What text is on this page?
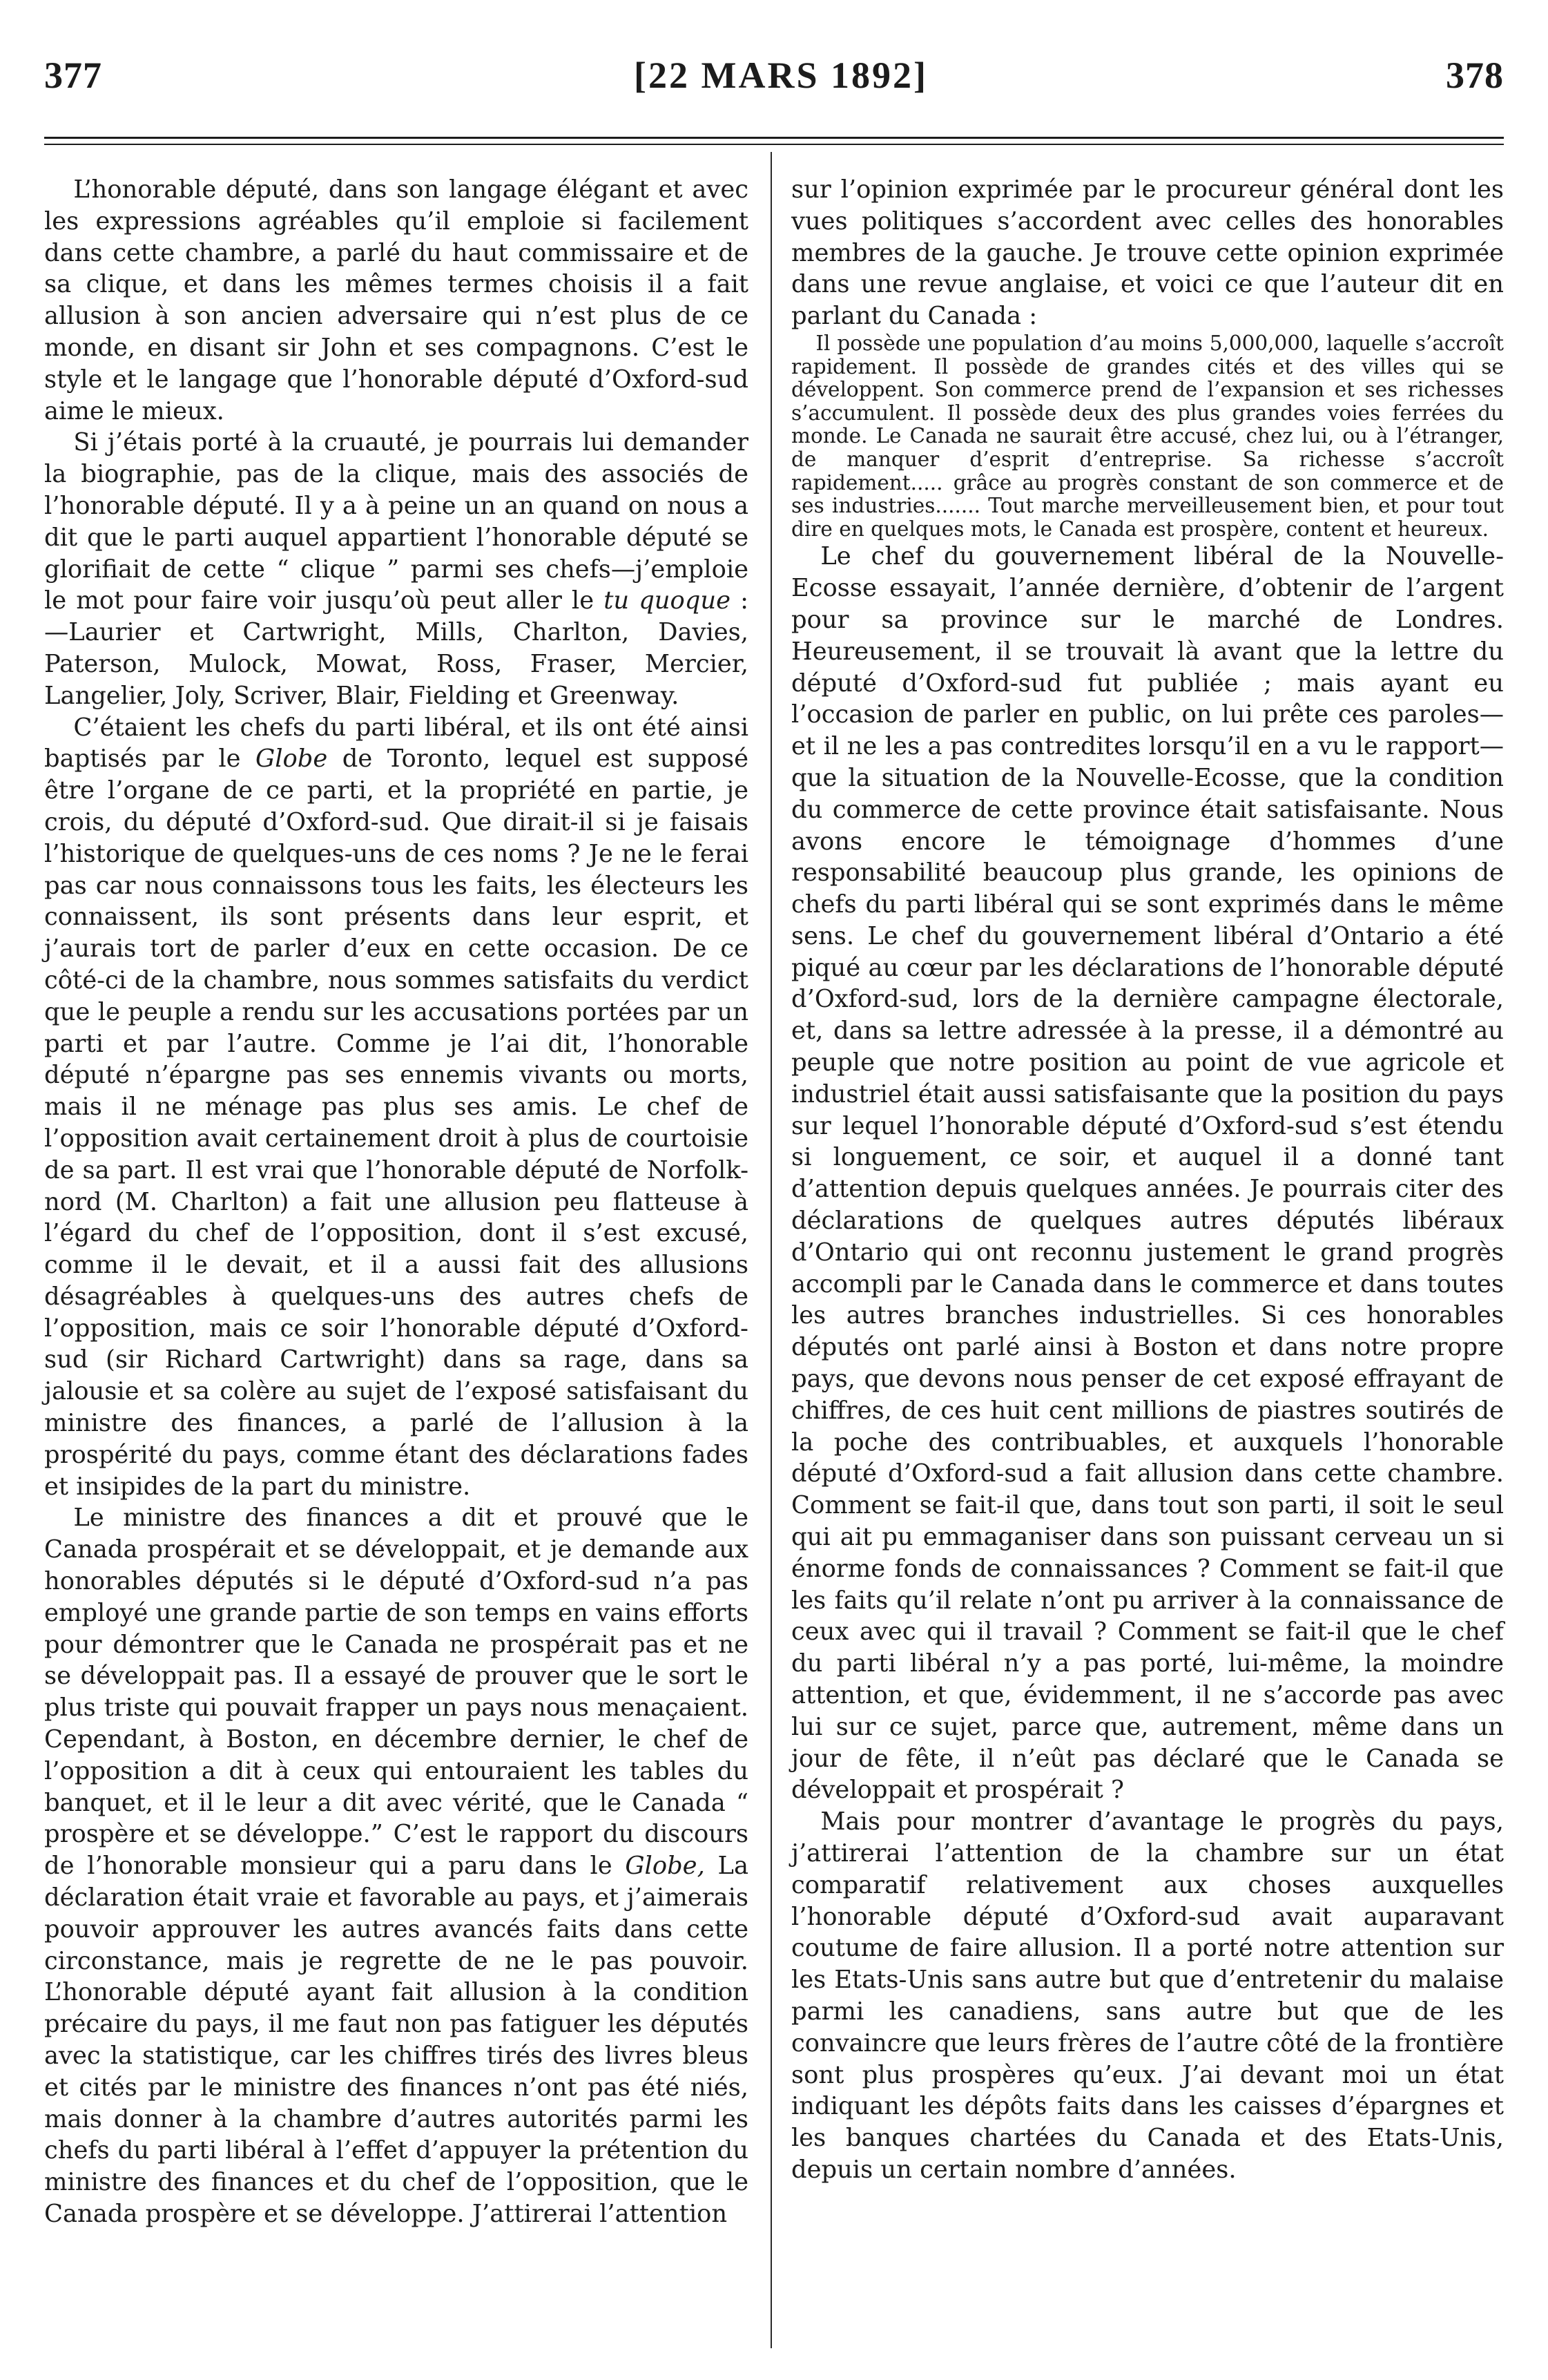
377	[22 MARS 1892]	378

L’honorable député, dans son langage élégant et avec les expressions agréables qu’il emploie si facilement dans cette chambre, a parlé du haut commissaire et de sa clique, et dans les mêmes termes choisis il a fait allusion à son ancien adversaire qui n’est plus de ce monde, en disant sir John et ses compagnons. C’est le style et le langage que l’honorable député d’Oxford-sud aime le mieux.

Si j’étais porté à la cruauté, je pourrais lui demander la biographie, pas de la clique, mais des associés de l’honorable député. Il y a à peine un an quand on nous a dit que le parti auquel appartient l’honorable député se glorifiait de cette “ clique ” parmi ses chefs—j’emploie le mot pour faire voir jusqu’où peut aller le tu quoque :—Laurier et Cartwright, Mills, Charlton, Davies, Paterson, Mulock, Mowat, Ross, Fraser, Mercier, Langelier, Joly, Scriver, Blair, Fielding et Greenway.

C’étaient les chefs du parti libéral, et ils ont été ainsi baptisés par le Globe de Toronto, lequel est supposé être l’organe de ce parti, et la propriété en partie, je crois, du député d’Oxford-sud. Que dirait-il si je faisais l’historique de quelques-uns de ces noms ? Je ne le ferai pas car nous connaissons tous les faits, les électeurs les connaissent, ils sont présents dans leur esprit, et j’aurais tort de parler d’eux en cette occasion. De ce côté-ci de la chambre, nous sommes satisfaits du verdict que le peuple a rendu sur les accusations portées par un parti et par l’autre. Comme je l’ai dit, l’honorable député n’épargne pas ses ennemis vivants ou morts, mais il ne ménage pas plus ses amis. Le chef de l’opposition avait certainement droit à plus de courtoisie de sa part. Il est vrai que l’honorable député de Norfolk-nord (M. Charlton) a fait une allusion peu flatteuse à l’égard du chef de l’opposition, dont il s’est excusé, comme il le devait, et il a aussi fait des allusions désagréables à quelques-uns des autres chefs de l’opposition, mais ce soir l’honorable député d’Oxford-sud (sir Richard Cartwright) dans sa rage, dans sa jalousie et sa colère au sujet de l’exposé satisfaisant du ministre des finances, a parlé de l’allusion à la prospérité du pays, comme étant des déclarations fades et insipides de la part du ministre.

Le ministre des finances a dit et prouvé que le Canada prospérait et se développait, et je demande aux honorables députés si le député d’Oxford-sud n’a pas employé une grande partie de son temps en vains efforts pour démontrer que le Canada ne prospérait pas et ne se développait pas. Il a essayé de prouver que le sort le plus triste qui pouvait frapper un pays nous menaçaient. Cependant, à Boston, en décembre dernier, le chef de l’opposition a dit à ceux qui entouraient les tables du banquet, et il le leur a dit avec vérité, que le Canada “ prospère et se développe.” C’est le rapport du discours de l’honorable monsieur qui a paru dans le Globe, La déclaration était vraie et favorable au pays, et j’aimerais pouvoir approuver les autres avancés faits dans cette circonstance, mais je regrette de ne le pas pouvoir. L’honorable député ayant fait allusion à la condition précaire du pays, il me faut non pas fatiguer les députés avec la statistique, car les chiffres tirés des livres bleus et cités par le ministre des finances n’ont pas été niés, mais donner à la chambre d’autres autorités parmi les chefs du parti libéral à l’effet d’appuyer la prétention du ministre des finances et du chef de l’opposition, que le Canada prospère et se développe. J’attirerai l’attention

sur l’opinion exprimée par le procureur général dont les vues politiques s’accordent avec celles des honorables membres de la gauche. Je trouve cette opinion exprimée dans une revue anglaise, et voici ce que l’auteur dit en parlant du Canada :

Il possède une population d’au moins 5,000,000, laquelle s’accroît rapidement. Il possède de grandes cités et des villes qui se développent. Son commerce prend de l’expansion et ses richesses s’accumulent. Il possède deux des plus grandes voies ferrées du monde. Le Canada ne saurait être accusé, chez lui, ou à l’étranger, de manquer d’esprit d’entreprise. Sa richesse s’accroît rapidement..... grâce au progrès constant de son commerce et de ses industries....... Tout marche merveilleusement bien, et pour tout dire en quelques mots, le Canada est prospère, content et heureux.

Le chef du gouvernement libéral de la Nouvelle-Ecosse essayait, l’année dernière, d’obtenir de l’argent pour sa province sur le marché de Londres. Heureusement, il se trouvait là avant que la lettre du député d’Oxford-sud fut publiée ; mais ayant eu l’occasion de parler en public, on lui prête ces paroles—et il ne les a pas contredites lorsqu’il en a vu le rapport—que la situation de la Nouvelle-Ecosse, que la condition du commerce de cette province était satisfaisante. Nous avons encore le témoignage d’hommes d’une responsabilité beaucoup plus grande, les opinions de chefs du parti libéral qui se sont exprimés dans le même sens. Le chef du gouvernement libéral d’Ontario a été piqué au cœur par les déclarations de l’honorable député d’Oxford-sud, lors de la dernière campagne électorale, et, dans sa lettre adressée à la presse, il a démontré au peuple que notre position au point de vue agricole et industriel était aussi satisfaisante que la position du pays sur lequel l’honorable député d’Oxford-sud s’est étendu si longuement, ce soir, et auquel il a donné tant d’attention depuis quelques années. Je pourrais citer des déclarations de quelques autres députés libéraux d’Ontario qui ont reconnu justement le grand progrès accompli par le Canada dans le commerce et dans toutes les autres branches industrielles. Si ces honorables députés ont parlé ainsi à Boston et dans notre propre pays, que devons nous penser de cet exposé effrayant de chiffres, de ces huit cent millions de piastres soutirés de la poche des contribuables, et auxquels l’honorable député d’Oxford-sud a fait allusion dans cette chambre. Comment se fait-il que, dans tout son parti, il soit le seul qui ait pu emmaganiser dans son puissant cerveau un si énorme fonds de connaissances ? Comment se fait-il que les faits qu’il relate n’ont pu arriver à la connaissance de ceux avec qui il travail ? Comment se fait-il que le chef du parti libéral n’y a pas porté, lui-même, la moindre attention, et que, évidemment, il ne s’accorde pas avec lui sur ce sujet, parce que, autrement, même dans un jour de fête, il n’eût pas déclaré que le Canada se développait et prospérait ?

Mais pour montrer d’avantage le progrès du pays, j’attirerai l’attention de la chambre sur un état comparatif relativement aux choses auxquelles l’honorable député d’Oxford-sud avait auparavant coutume de faire allusion. Il a porté notre attention sur les Etats-Unis sans autre but que d’entretenir du malaise parmi les canadiens, sans autre but que de les convaincre que leurs frères de l’autre côté de la frontière sont plus prospères qu’eux. J’ai devant moi un état indiquant les dépôts faits dans les caisses d’épargnes et les banques chartées du Canada et des Etats-Unis, depuis un certain nombre d’années.
